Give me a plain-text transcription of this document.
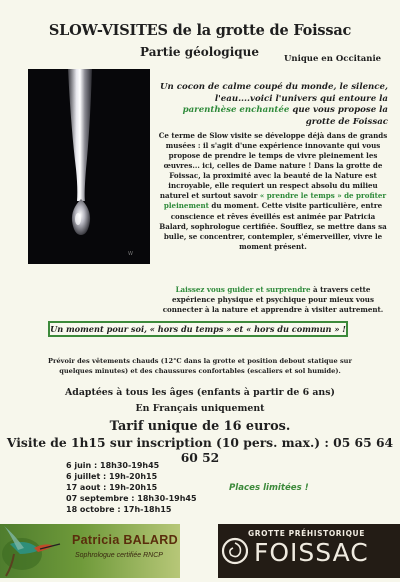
SLOW-VISITES de la grotte de Foissac
Partie géologique	Unique en Occitanie
W
Un cocon de calme coupé du monde, le silence, l'eau....voici l'univers qui entoure la parenthèse enchantée que vous propose la grotte de Foissac
Ce terme de Slow visite se développe déjà dans de grands musées : il s'agit d'une expérience innovante qui vous propose de prendre le temps de vivre pleinement les œuvres... ici, celles de Dame nature ! Dans la grotte de Foissac, la proximité avec la beauté de la Nature est incroyable, elle requiert un respect absolu du milieu naturel et surtout savoir « prendre le temps » de profiter pleinement du moment. Cette visite particulière, entre conscience et rêves éveillés est animée par Patricia Balard, sophrologue certifiée. Soufflez, se mettre dans sa bulle, se concentrer, contempler, s'émerveiller, vivre le moment présent.
Laissez vous guider et surprendre à travers cette expérience physique et psychique pour mieux vous connecter à la nature et apprendre à visiter autrement.
Un moment pour soi, « hors du temps » et « hors du commun » !
Prévoir des vêtements chauds (12°C dans la grotte et position debout statique sur quelques minutes) et des chaussures confortables (escaliers et sol humide).
Adaptées à tous les âges (enfants à partir de 6 ans)
En Français uniquement
Tarif unique de 16 euros.
Visite de 1h15 sur inscription (10 pers. max.) : 05 65 64 60 52
6 juin : 18h30-19h45
6 juillet : 19h-20h15
17 aout : 19h-20h15
07 septembre : 18h30-19h45
18 octobre : 17h-18h15
Places limitées !
Patricia BALARD
Sophrologue certifiée RNCP
GROTTE PRÉHISTORIQUE
FOISSAC
